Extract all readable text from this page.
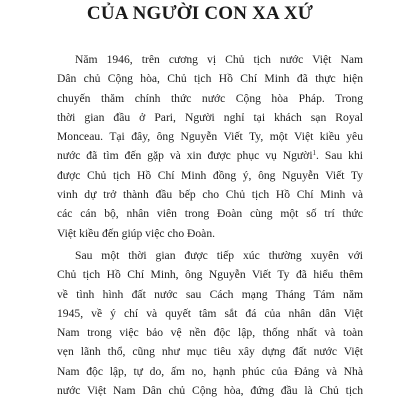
CỦA NGƯỜI CON XA XỨ
Năm 1946, trên cương vị Chủ tịch nước Việt Nam
Dân chủ Cộng hòa, Chủ tịch Hồ Chí Minh đã thực hiện
chuyến thăm chính thức nước Cộng hòa Pháp. Trong
thời gian đầu ở Pari, Người nghỉ tại khách sạn Royal
Monceau. Tại đây, ông Nguyễn Viết Ty, một Việt kiều yêu
nước đã tìm đến gặp và xin được phục vụ Người$^1$. Sau khi
được Chủ tịch Hồ Chí Minh đồng ý, ông Nguyễn Viết Ty
vinh dự trở thành đầu bếp cho Chủ tịch Hồ Chí Minh và
các cán bộ, nhân viên trong Đoàn cùng một số trí thức
Việt kiều đến giúp việc cho Đoàn.
Sau một thời gian được tiếp xúc thường xuyên với
Chủ tịch Hồ Chí Minh, ông Nguyễn Viết Ty đã hiểu thêm
về tình hình đất nước sau Cách mạng Tháng Tám năm
1945, về ý chí và quyết tâm sắt đá của nhân dân Việt
Nam trong việc bảo vệ nền độc lập, thống nhất và toàn
vẹn lãnh thổ, cũng như mục tiêu xây dựng đất nước Việt
Nam độc lập, tự do, ấm no, hạnh phúc của Đảng và Nhà
nước Việt Nam Dân chủ Cộng hòa, đứng đầu là Chủ tịch
